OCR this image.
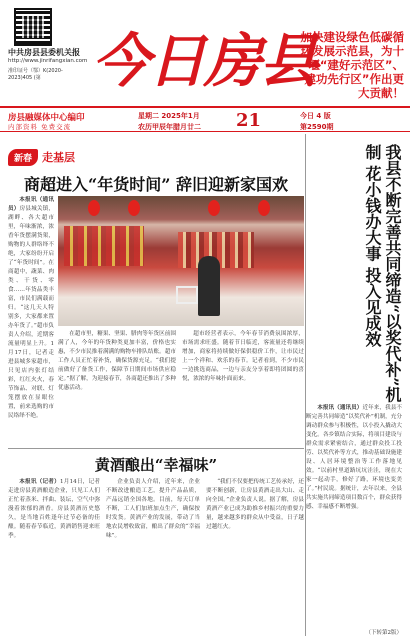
中共房县县委机关报
http://www.jinrifangxian.com
准印证号（鄂）K(2020-2023)405 (第 今日房县
加快建设绿色低碳循环发展示范县，为十堰“建好示范区”、建功先行区”作出更大贡献！
房县融媒体中心编印
内部资料 免费交流
星期二 2025年1月
农历甲辰年腊月廿二 21	今日 4 版
第2590期
新春 走基层
商超进入“年货时间” 辞旧迎新家国欢

本报讯（通讯员）房县城关镇，湖畔、各大超市里，年味渐浓，浓香年货摆满货架，购物的人群络绎不绝，大家纷纷开启了“年货时间”。在商超中，蔬菜、肉类、干货、零食……年货品类丰富，市民们满载而归。“这几天人特别多，大家都来置办年货了。”超市负责人介绍，近期客流量明显上升。1月17日，记者走进县城多家超市，只见店内张灯结彩，红红火火，春节饰品、对联、灯笼摆放在显眼位置，前来选购的市民络绎不绝。

在超市里，糖果、坚果、腊肉等年货区前围满了人，今年的年货种类更加丰富，价格也实惠，不少市民推着满满的购物车排队结账。超市工作人员正忙着补货，确保货源充足。“我们提前做好了备货工作，保障节日期间市场供应稳定。”据了解，为迎接春节，各商超还推出了多种优惠活动。

超市经营者表示，今年春节消费氛围浓厚，市场需求旺盛。随着节日临近，客流量还将继续增加，商家将持续做好保供稳价工作，让市民过上一个祥和、欢乐的春节。记者看到，不少市民一边挑选商品，一边与亲友分享着即将团圆的喜悦，浓浓的年味扑面而来。

黄酒酿出“幸福味”

本报讯（记者）1月14日，记者走进房县黄酒酿造企业，只见工人们正忙着蒸米、拌曲、装坛，空气中弥漫着浓郁的酒香。房县黄酒历史悠久，是当地百姓逢年过节必备的佳酿。随着春节临近，黄酒销售迎来旺季。

企业负责人介绍，近年来，企业不断改进酿造工艺，提升产品品质，产品远销全国各地。目前，每天订单不断，工人们加班加点生产，确保按时发货。黄酒产业的发展，带动了当地农民增收致富，酿出了群众的“幸福味”。

“我们不仅要把传统工艺传承好，还要不断创新，让房县黄酒走出大山、走向全国。”企业负责人说。据了解，房县黄酒产业已成为助推乡村振兴的重要力量，越来越多的群众从中受益，日子越过越红火。

我县不断完善共同缔造“以奖代补”机制 花小钱办大事 投入见成效

本报讯（通讯员）近年来，我县不断完善共同缔造“以奖代补”机制，充分调动群众参与积极性，以小投入撬动大变化。各乡镇结合实际，将项目建设与群众需求紧密结合，通过群众投工投劳、以奖代补等方式，推动基础设施建设、人居环境整治等工作落地见效。“以前村里道路坑坑洼洼，现在大家一起动手，修好了路，环境也变美了。”村民说。据统计，去年以来，全县共实施共同缔造项目数百个，群众获得感、幸福感不断增强。

（下转第2版）
